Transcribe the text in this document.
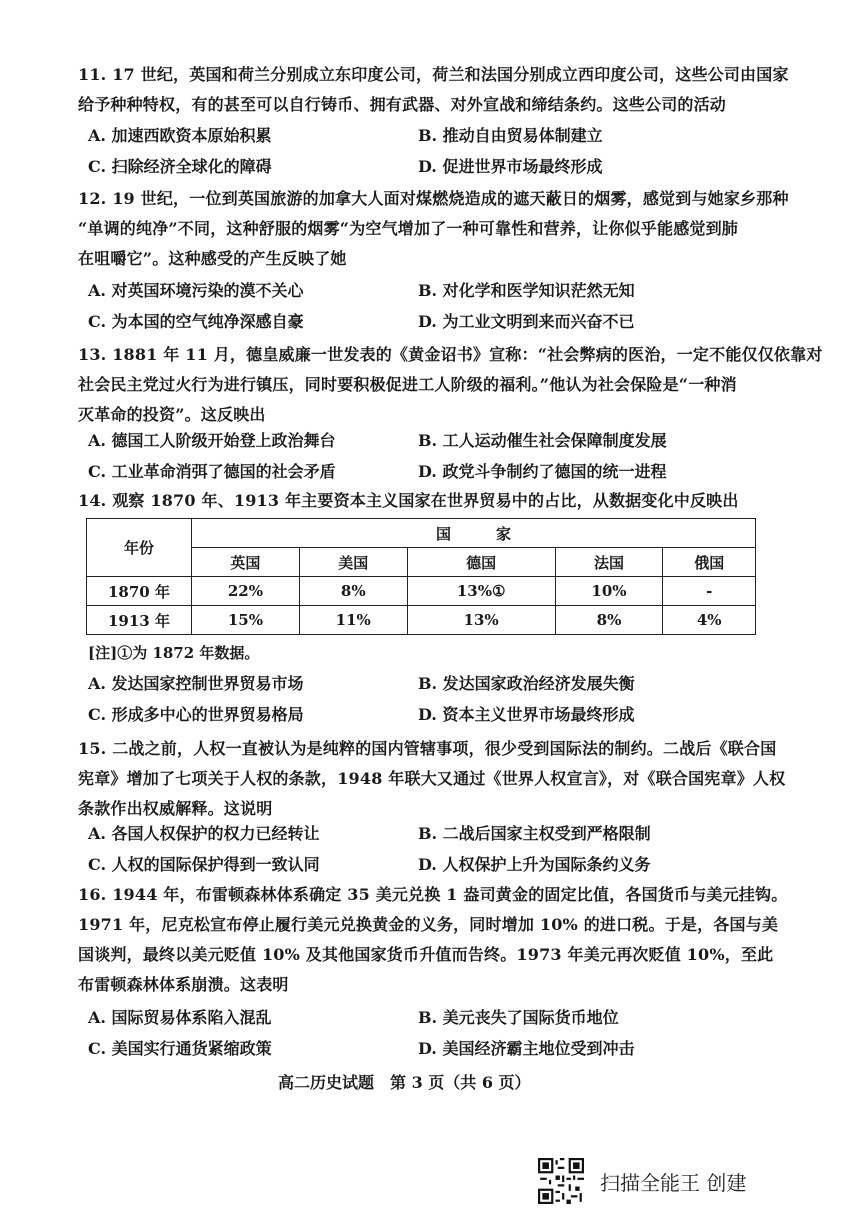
11. 17 世纪，英国和荷兰分别成立东印度公司，荷兰和法国分别成立西印度公司，这些公司由国家
给予种种特权，有的甚至可以自行铸币、拥有武器、对外宣战和缔结条约。这些公司的活动
A. 加速西欧资本原始积累	B. 推动自由贸易体制建立
C. 扫除经济全球化的障碍	D. 促进世界市场最终形成
12. 19 世纪，一位到英国旅游的加拿大人面对煤燃烧造成的遮天蔽日的烟雾，感觉到与她家乡那种
“单调的纯净”不同，这种舒服的烟雾“为空气增加了一种可靠性和营养，让你似乎能感觉到肺
在咀嚼它”。这种感受的产生反映了她
A. 对英国环境污染的漠不关心	B. 对化学和医学知识茫然无知
C. 为本国的空气纯净深感自豪	D. 为工业文明到来而兴奋不已
13. 1881 年 11 月，德皇威廉一世发表的《黄金诏书》宣称：“社会弊病的医治，一定不能仅仅依靠对
社会民主党过火行为进行镇压，同时要积极促进工人阶级的福利。”他认为社会保险是“一种消
灭革命的投资”。这反映出
A. 德国工人阶级开始登上政治舞台	B. 工人运动催生社会保障制度发展
C. 工业革命消弭了德国的社会矛盾	D. 政党斗争制约了德国的统一进程
14. 观察 1870 年、1913 年主要资本主义国家在世界贸易中的占比，从数据变化中反映出
年份	国　　　家				
	英国	美国	德国	法国	俄国
1870 年	22%	8%	13%①	10%	-
1913 年	15%	11%	13%	8%	4%
[注]①为 1872 年数据。
A. 发达国家控制世界贸易市场	B. 发达国家政治经济发展失衡
C. 形成多中心的世界贸易格局	D. 资本主义世界市场最终形成
15. 二战之前，人权一直被认为是纯粹的国内管辖事项，很少受到国际法的制约。二战后《联合国
宪章》增加了七项关于人权的条款，1948 年联大又通过《世界人权宣言》，对《联合国宪章》人权
条款作出权威解释。这说明
A. 各国人权保护的权力已经转让	B. 二战后国家主权受到严格限制
C. 人权的国际保护得到一致认同	D. 人权保护上升为国际条约义务
16. 1944 年，布雷顿森林体系确定 35 美元兑换 1 盎司黄金的固定比值，各国货币与美元挂钩。
1971 年，尼克松宣布停止履行美元兑换黄金的义务，同时增加 10% 的进口税。于是，各国与美
国谈判，最终以美元贬值 10% 及其他国家货币升值而告终。1973 年美元再次贬值 10%，至此
布雷顿森林体系崩溃。这表明
A. 国际贸易体系陷入混乱	B. 美元丧失了国际货币地位
C. 美国实行通货紧缩政策	D. 美国经济霸主地位受到冲击
高二历史试题　第 3 页（共 6 页）
扫描全能王 创建
